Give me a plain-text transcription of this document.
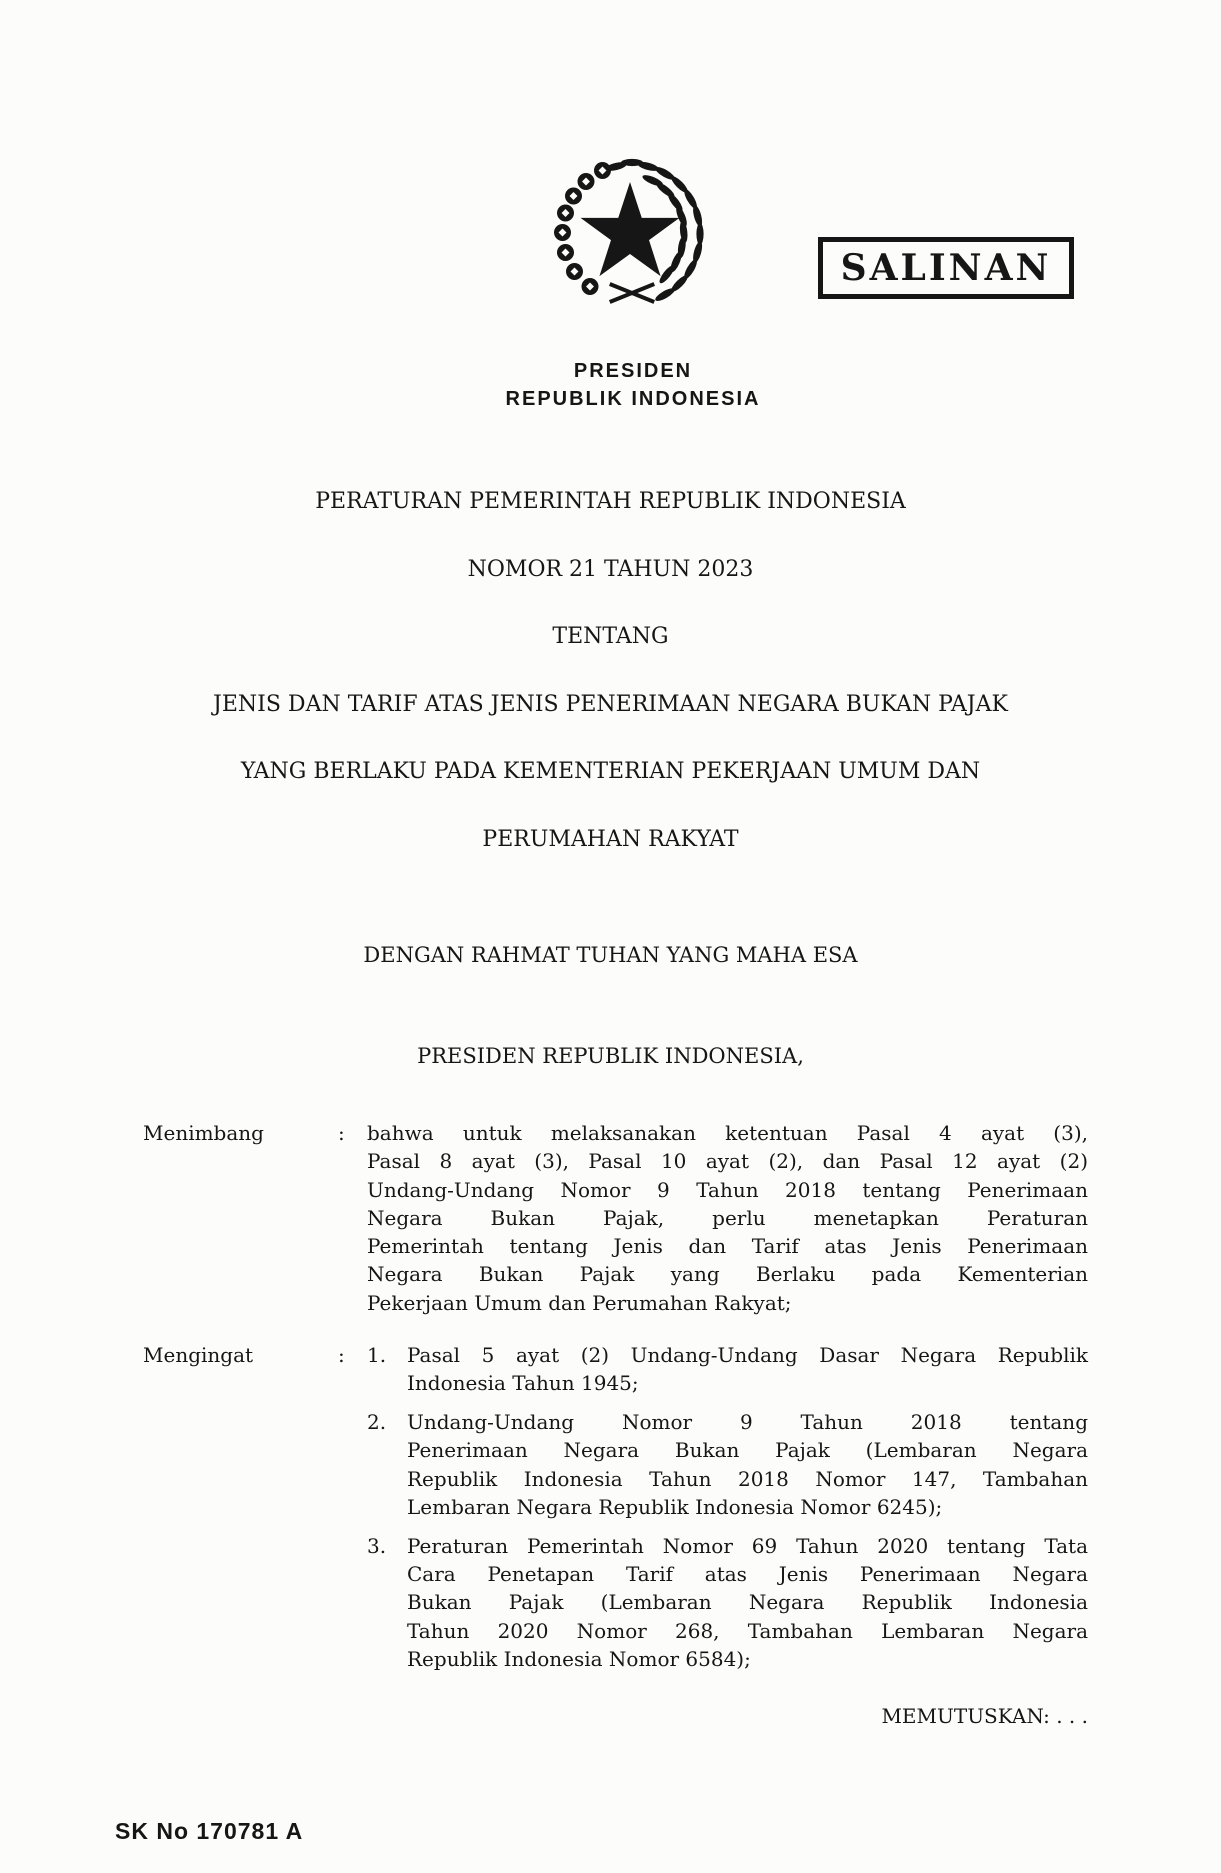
SALINAN
PRESIDEN
REPUBLIK INDONESIA
PERATURAN PEMERINTAH REPUBLIK INDONESIA
NOMOR 21 TAHUN 2023
TENTANG
JENIS DAN TARIF ATAS JENIS PENERIMAAN NEGARA BUKAN PAJAK
YANG BERLAKU PADA KEMENTERIAN PEKERJAAN UMUM DAN
PERUMAHAN RAKYAT
DENGAN RAHMAT TUHAN YANG MAHA ESA
PRESIDEN REPUBLIK INDONESIA,
Menimbang	:	bahwa untuk melaksanakan ketentuan Pasal 4 ayat (3),
Pasal 8 ayat (3), Pasal 10 ayat (2), dan Pasal 12 ayat (2)
Undang-Undang Nomor 9 Tahun 2018 tentang Penerimaan
Negara Bukan Pajak, perlu menetapkan Peraturan
Pemerintah tentang Jenis dan Tarif atas Jenis Penerimaan
Negara Bukan Pajak yang Berlaku pada Kementerian
Pekerjaan Umum dan Perumahan Rakyat;
Mengingat	:	1.	Pasal 5 ayat (2) Undang-Undang Dasar Negara Republik
Indonesia Tahun 1945;
2.	Undang-Undang Nomor 9 Tahun 2018 tentang
Penerimaan Negara Bukan Pajak (Lembaran Negara
Republik Indonesia Tahun 2018 Nomor 147, Tambahan
Lembaran Negara Republik Indonesia Nomor 6245);
3.	Peraturan Pemerintah Nomor 69 Tahun 2020 tentang Tata
Cara Penetapan Tarif atas Jenis Penerimaan Negara
Bukan Pajak (Lembaran Negara Republik Indonesia
Tahun 2020 Nomor 268, Tambahan Lembaran Negara
Republik Indonesia Nomor 6584);
MEMUTUSKAN: . . .
SK No 170781 A
